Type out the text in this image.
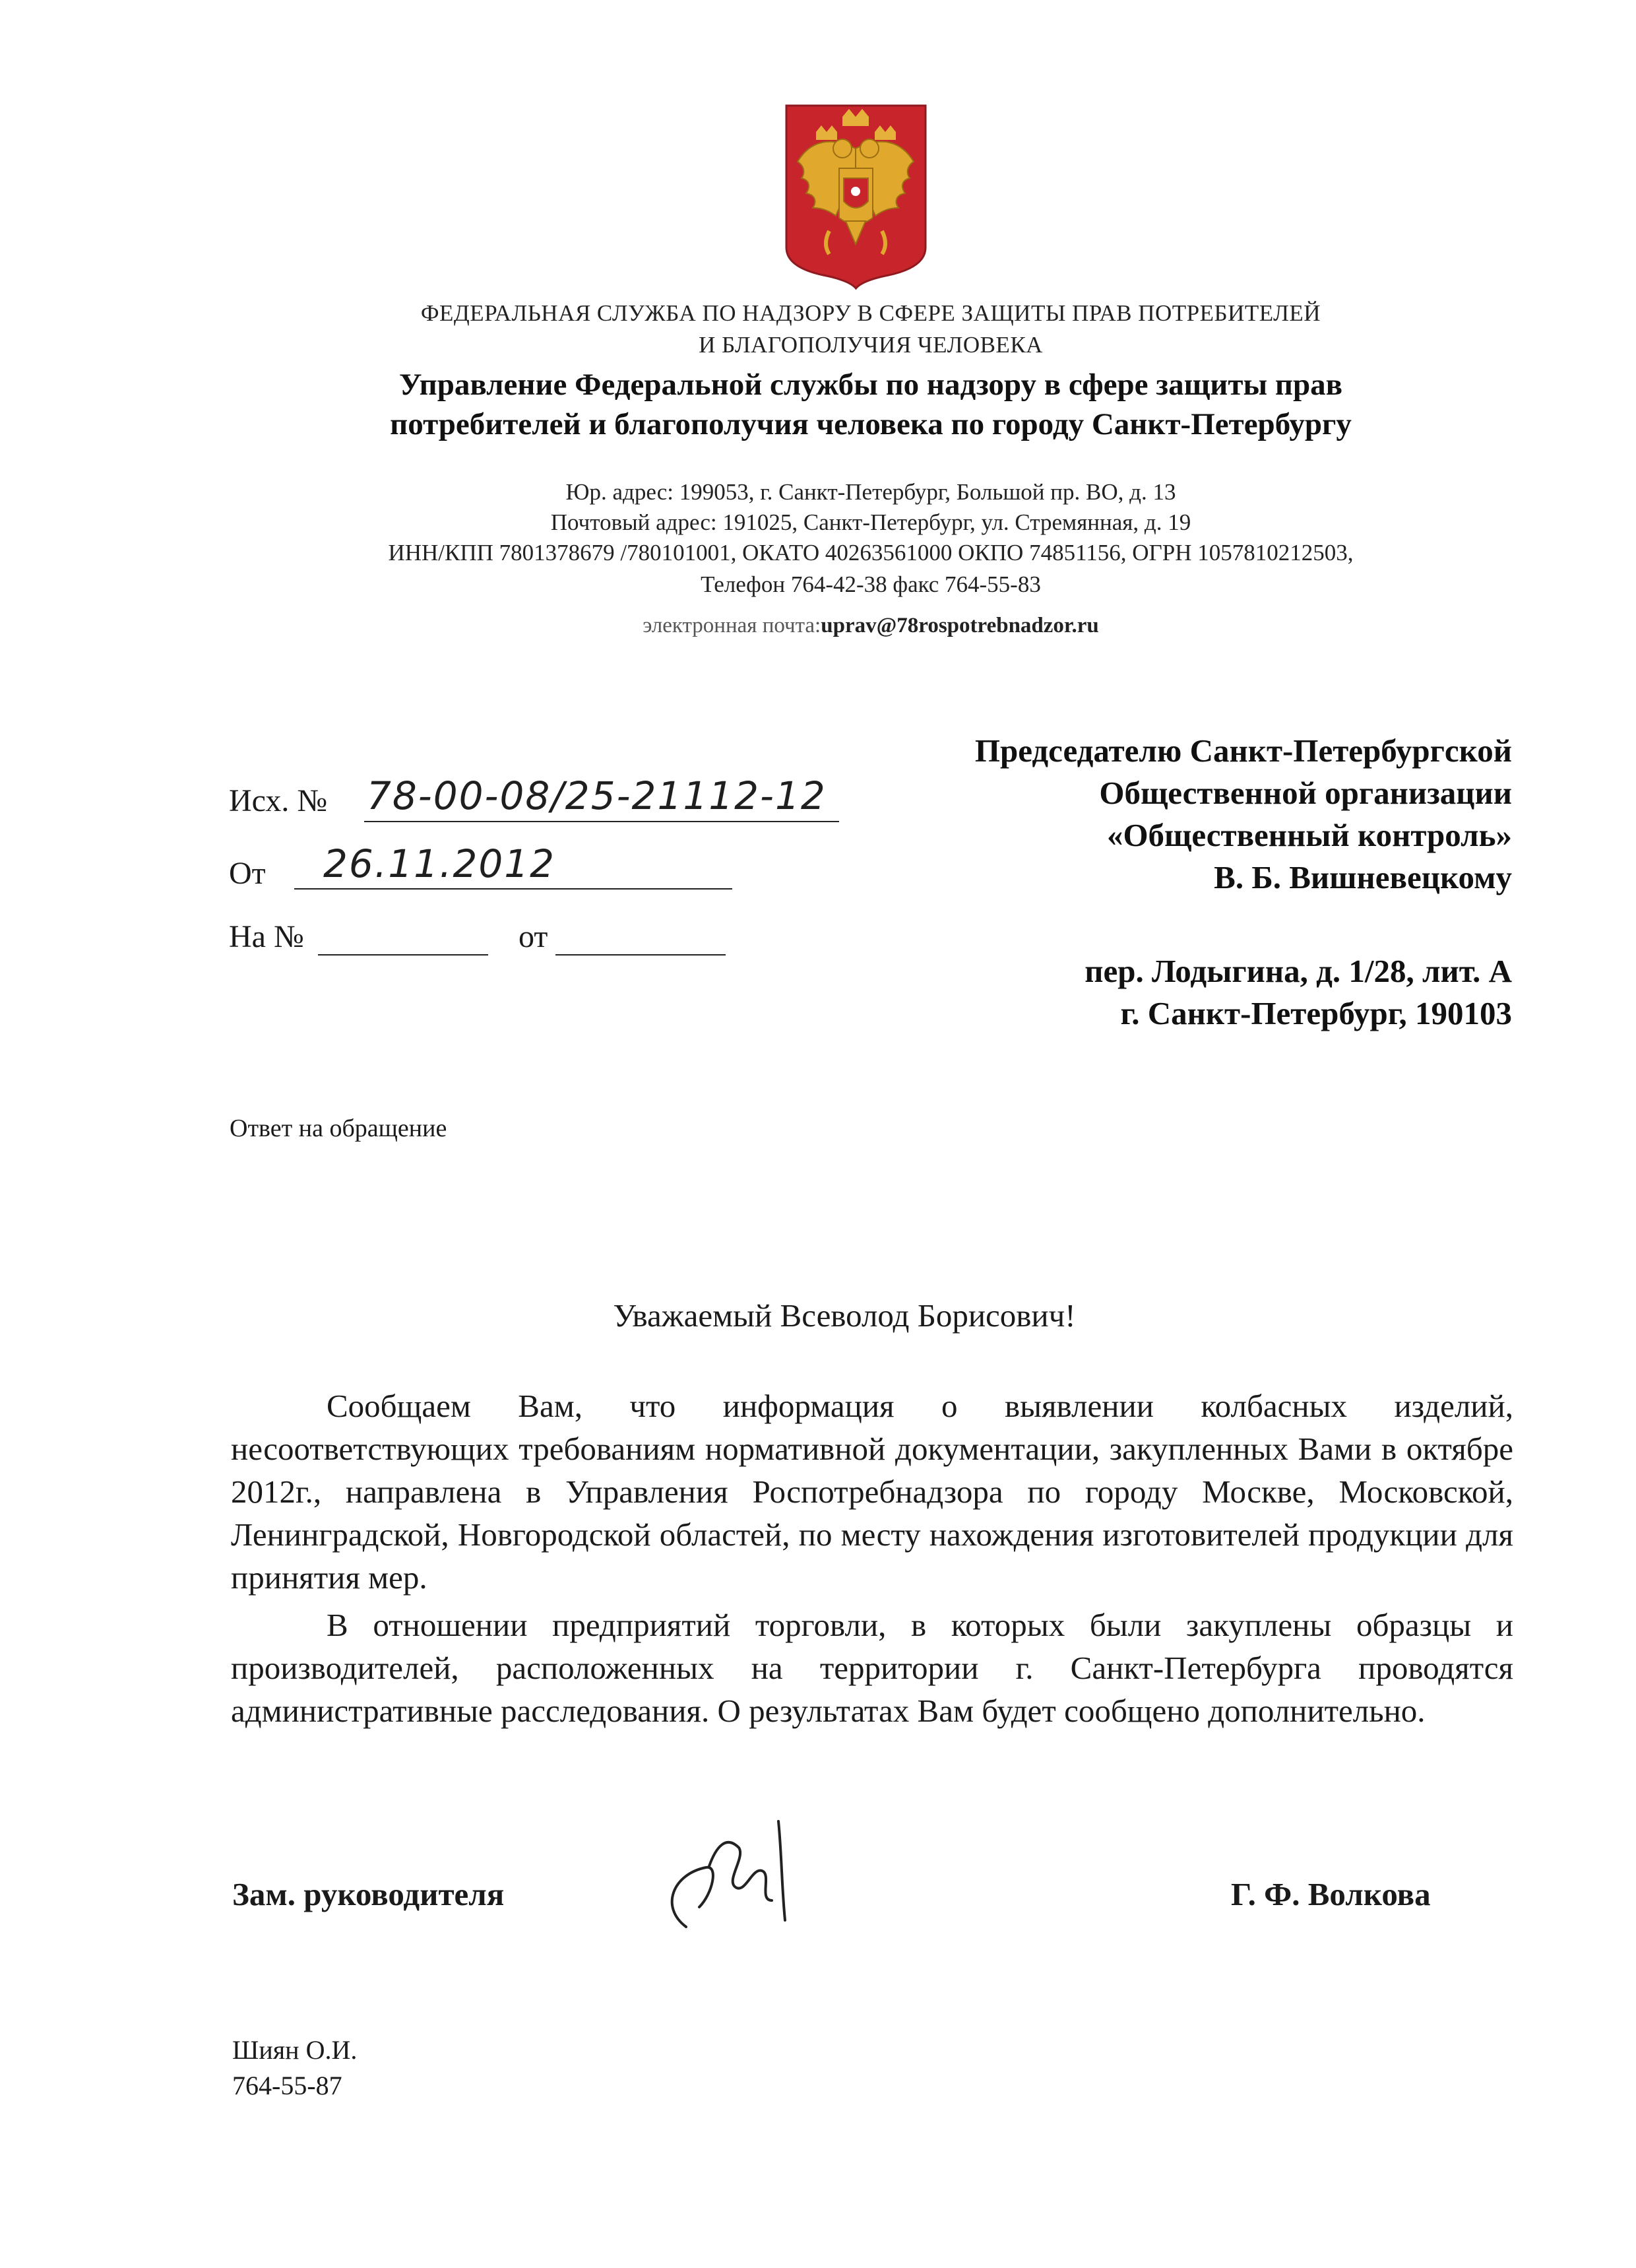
ФЕДЕРАЛЬНАЯ СЛУЖБА ПО НАДЗОРУ В СФЕРЕ ЗАЩИТЫ ПРАВ ПОТРЕБИТЕЛЕЙ
И БЛАГОПОЛУЧИЯ ЧЕЛОВЕКА
Управление Федеральной службы по надзору в сфере защиты прав
потребителей и благополучия человека по городу Санкт-Петербургу
Юр. адрес: 199053, г. Санкт-Петербург, Большой пр. ВО, д. 13
Почтовый адрес: 191025, Санкт-Петербург, ул. Стремянная, д. 19
ИНН/КПП 7801378679 /780101001, ОКАТО 40263561000 ОКПО 74851156, ОГРН 1057810212503,
Телефон 764-42-38 факс 764-55-83
электронная почта:uprav@78rospotrebnadzor.ru
Исх. № 78-00-08/25-21112-12
От 26.11.2012
На №	от
Председателю Санкт-Петербургской
Общественной организации
«Общественный контроль»
В. Б. Вишневецкому
пер. Лодыгина, д. 1/28, лит. А
г. Санкт-Петербург, 190103
Ответ на обращение
Уважаемый Всеволод Борисович!
Сообщаем Вам, что информация о выявлении колбасных изделий, несоответствующих требованиям нормативной документации, закупленных Вами в октябре 2012г., направлена в Управления Роспотребнадзора по городу Москве, Московской, Ленинградской, Новгородской областей, по месту нахождения изготовителей продукции для принятия мер.
В отношении предприятий торговли, в которых были закуплены образцы и производителей, расположенных на территории г. Санкт-Петербурга проводятся административные расследования. О результатах Вам будет сообщено дополнительно.
Зам. руководителя	Г. Ф. Волкова
Шиян О.И.
764-55-87
